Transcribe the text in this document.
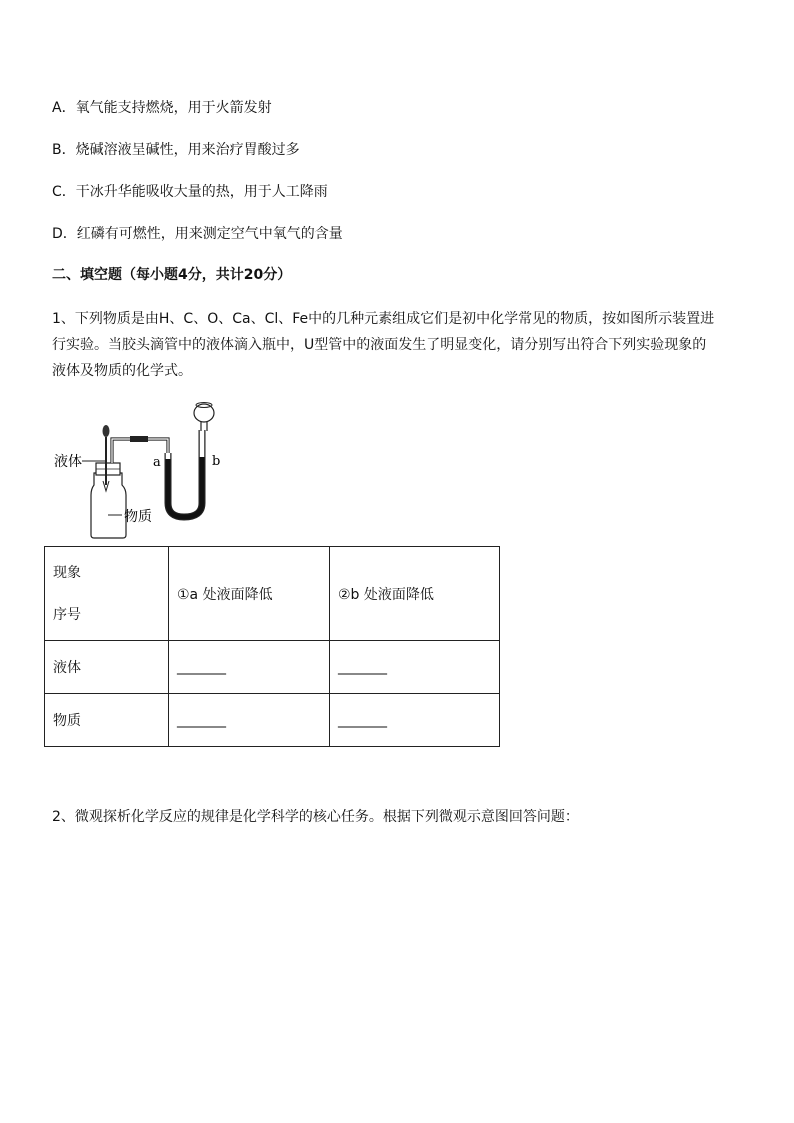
A．氧气能支持燃烧，用于火箭发射
B．烧碱溶液呈碱性，用来治疗胃酸过多
C．干冰升华能吸收大量的热，用于人工降雨
D．红磷有可燃性，用来测定空气中氧气的含量
二、填空题（每小题4分，共计20分）
1、下列物质是由H、C、O、Ca、Cl、Fe中的几种元素组成它们是初中化学常见的物质，按如图所示装置进
行实验。当胶头滴管中的液体滴入瓶中，U型管中的液面发生了明显变化，请分别写出符合下列实验现象的
液体及物质的化学式。
液体
物质
a	b
现象
序号	①a 处液面降低	②b 处液面降低
液体	_______	_______
物质	_______	_______
2、微观探析化学反应的规律是化学科学的核心任务。根据下列微观示意图回答问题：
